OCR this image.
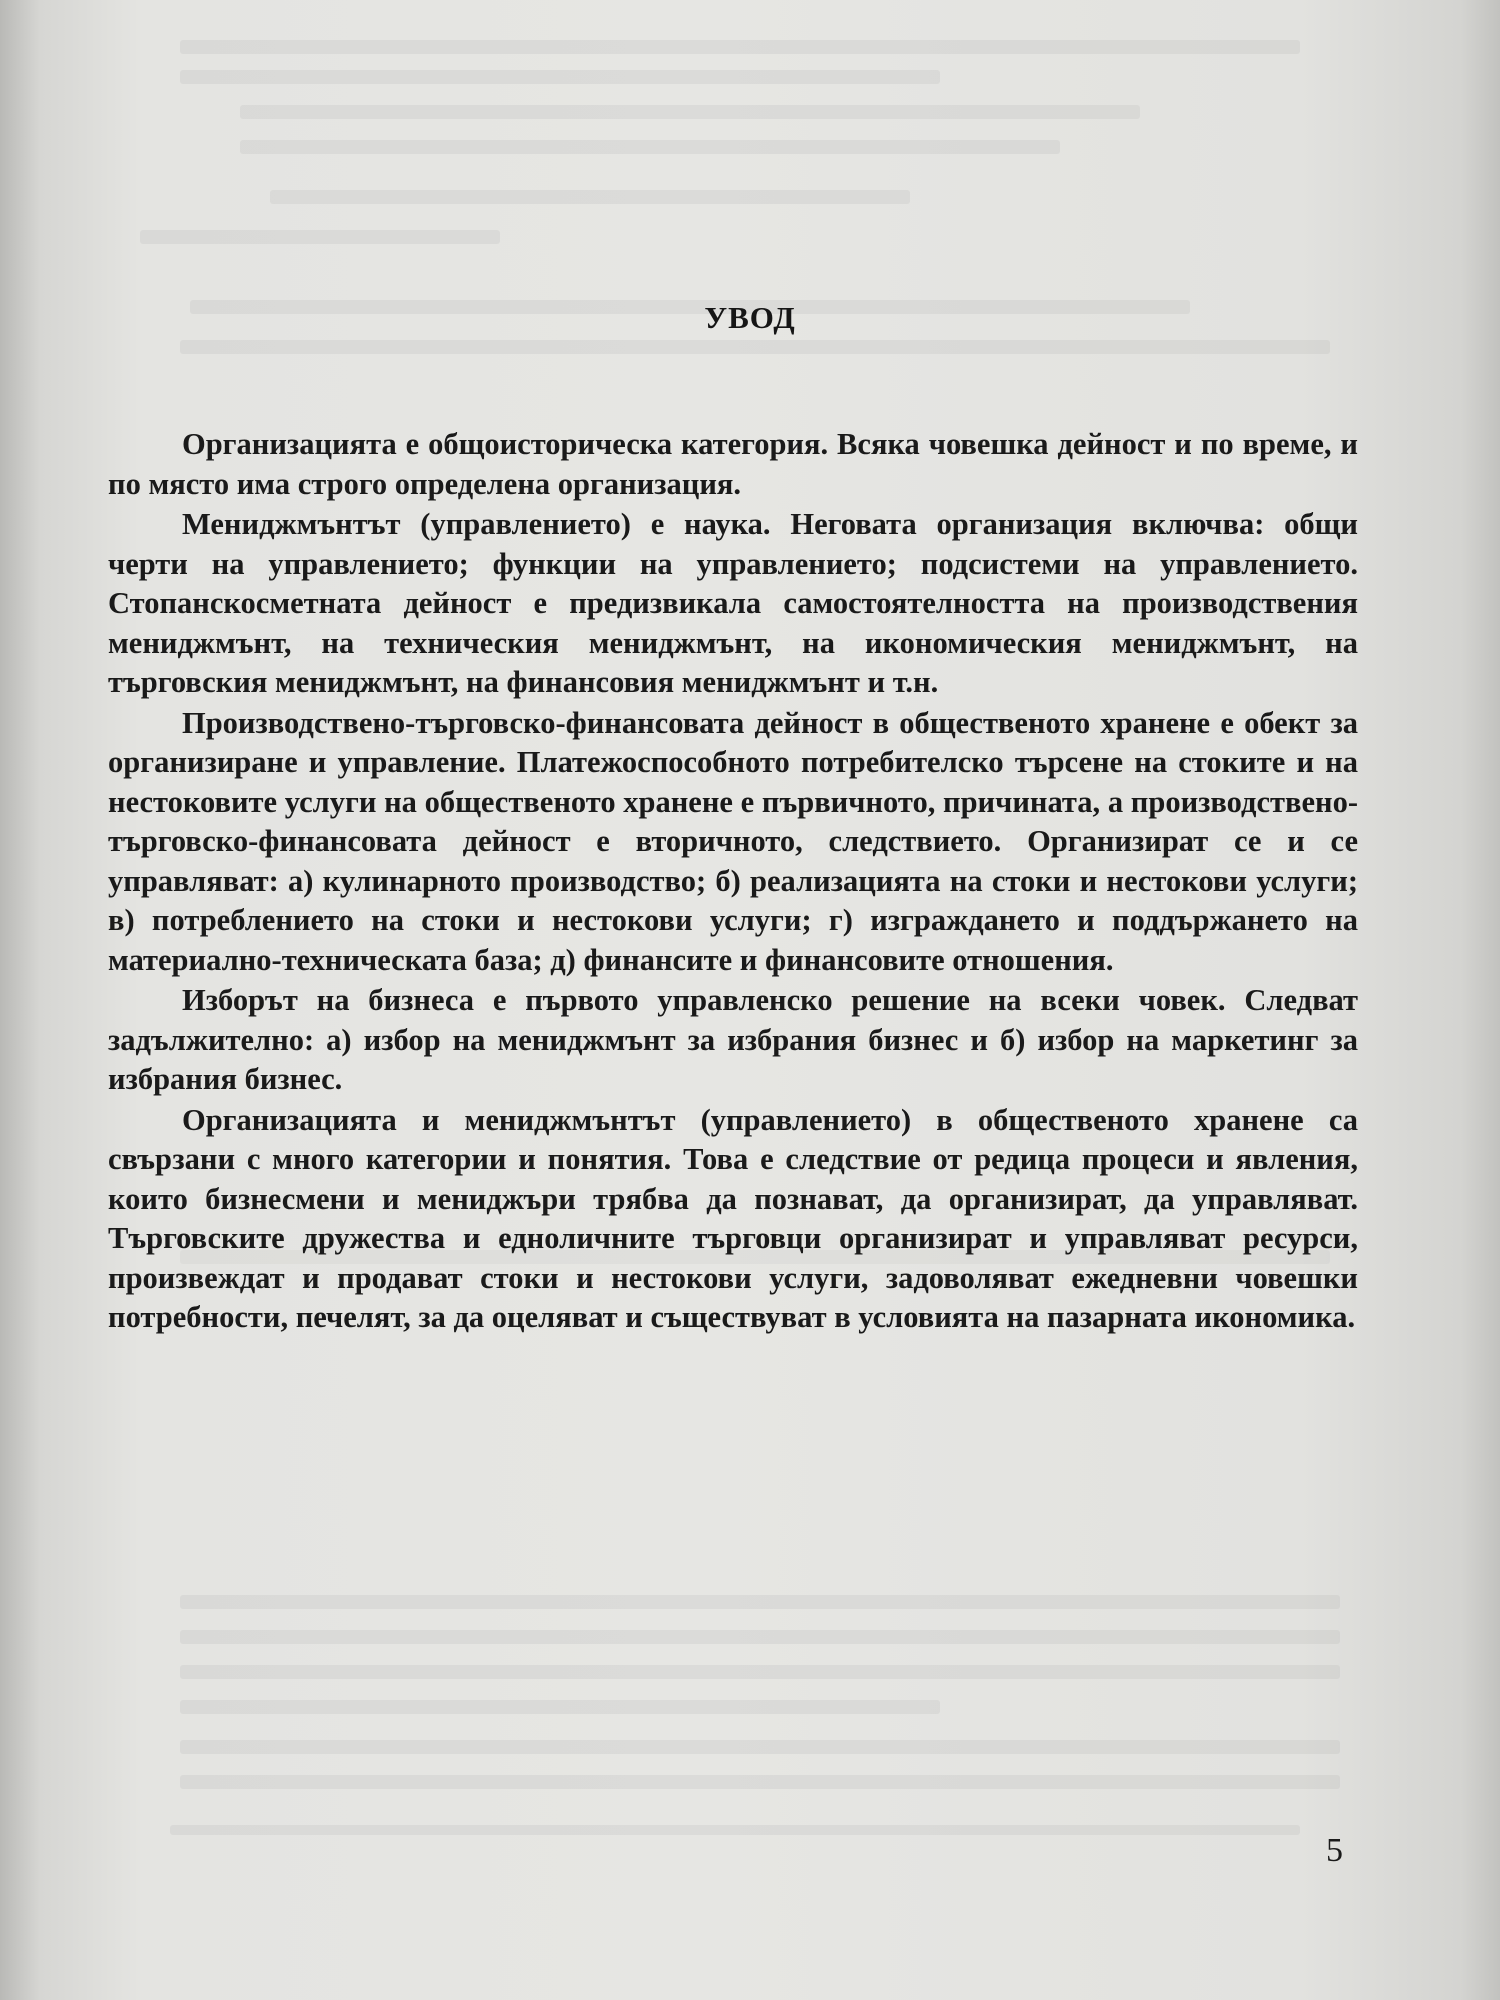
УВОД

Организацията е общоисторическа категория. Всяка човешка дейност и по време, и по място има строго определена организация.

Мениджмънтът (управлението) е наука. Неговата организация включва: общи черти на управлението; функции на управлението; подсистеми на управлението. Стопанскосметната дейност е предизвикала самостоятелността на производствения мениджмънт, на техническия мениджмънт, на икономическия мениджмънт, на търговския мениджмънт, на финансовия мениджмънт и т.н.

Производствено-търговско-финансовата дейност в общественото хранене е обект за организиране и управление. Платежоспособното потребителско търсене на стоките и на нестоковите услуги на общественото хранене е първичното, причината, а производствено-търговско-финансовата дейност е вторичното, следствието. Организират се и се управляват: а) кулинарното производство; б) реализацията на стоки и нестокови услуги; в) потреблението на стоки и нестокови услуги; г) изграждането и поддържането на материално-техническата база; д) финансите и финансовите отношения.

Изборът на бизнеса е първото управленско решение на всеки човек. Следват задължително: а) избор на мениджмънт за избрания бизнес и б) избор на маркетинг за избрания бизнес.

Организацията и мениджмънтът (управлението) в общественото хранене са свързани с много категории и понятия. Това е следствие от редица процеси и явления, които бизнесмени и мениджъри трябва да познават, да организират, да управляват. Търговските дружества и едноличните търговци организират и управляват ресурси, произвеждат и продават стоки и нестокови услуги, задоволяват ежедневни човешки потребности, печелят, за да оцеляват и съществуват в условията на пазарната икономика.

5
